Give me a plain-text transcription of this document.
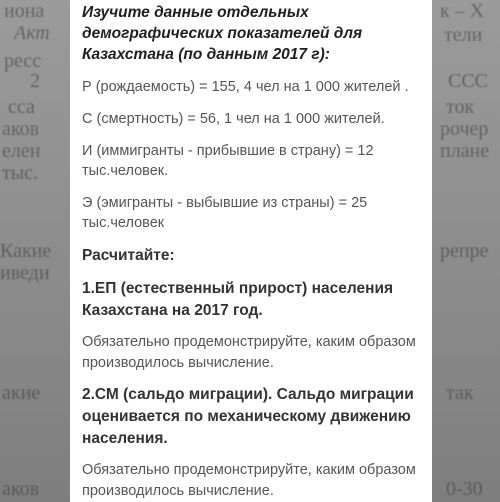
иона
Акт
ресс
2
сса
аков
елен
тыс.
Какие
иведи
акие
аков
к – Х
тели
ССС
ток
рочер
плане
репре
так
0-30

Изучите данные отдельных демографических показателей для Казахстана (по данным 2017 г):

Р (рождаемость) = 155, 4 чел на 1 000 жителей .

С (смертность) = 56, 1 чел на 1 000 жителей.

И (иммигранты - прибывшие в страну) = 12 тыс.человек.

Э (эмигранты - выбывшие из страны) = 25 тыс.человек

Расчитайте:

1.ЕП (естественный прирост) населения Казахстана на 2017 год.

Обязательно продемонстрируйте, каким образом производилось вычисление.

2.СМ (сальдо миграции). Сальдо миграции оценивается по механическому движению населения.

Обязательно продемонстрируйте, каким образом производилось вычисление.
